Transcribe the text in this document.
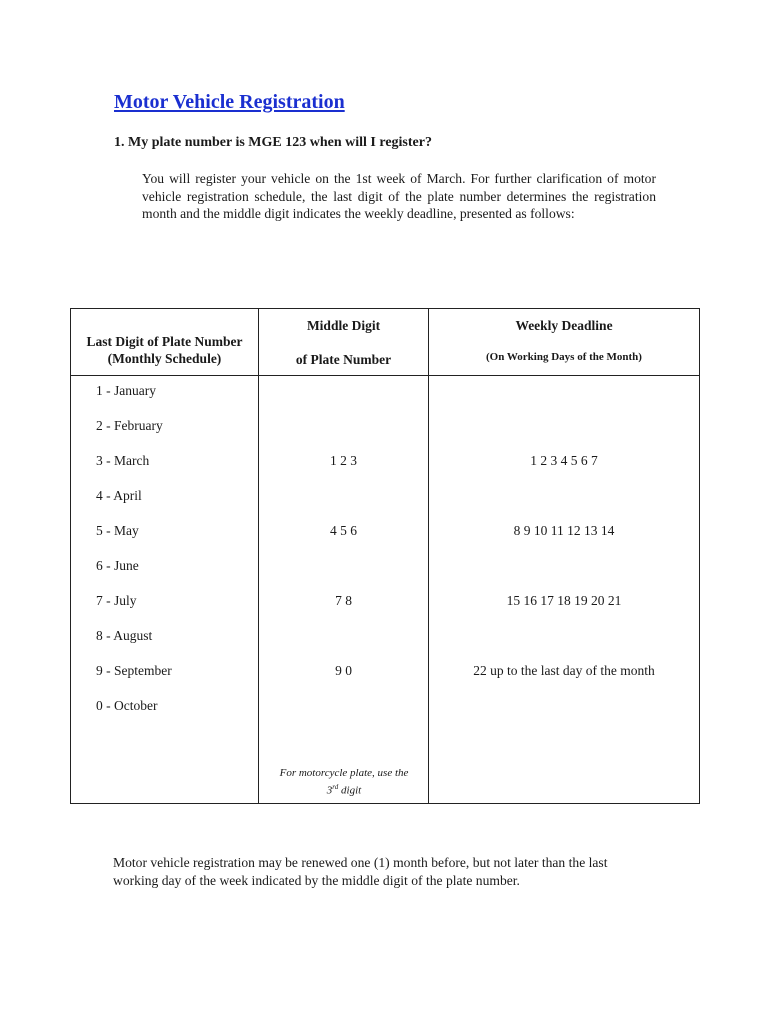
Motor Vehicle Registration

1. My plate number is MGE 123 when will I register?

You will register your vehicle on the 1st week of March. For further clarification of motor vehicle registration schedule, the last digit of the plate number determines the registration month and the middle digit indicates the weekly deadline, presented as follows:

Last Digit of Plate Number
(Monthly Schedule)
Middle Digit
of Plate Number
Weekly Deadline
(On Working Days of the Month)
1 - January
2 - February
3 - March
4 - April
5 - May
6 - June
7 - July
8 - August
9 - September
0 - October
1 2 3
4 5 6
7 8
9 0
1 2 3 4 5 6 7
8 9 10 11 12 13 14
15 16 17 18 19 20 21
22 up to the last day of the month
For motorcycle plate, use the
3rd digit

Motor vehicle registration may be renewed one (1) month before, but not later than the last working day of the week indicated by the middle digit of the plate number.
